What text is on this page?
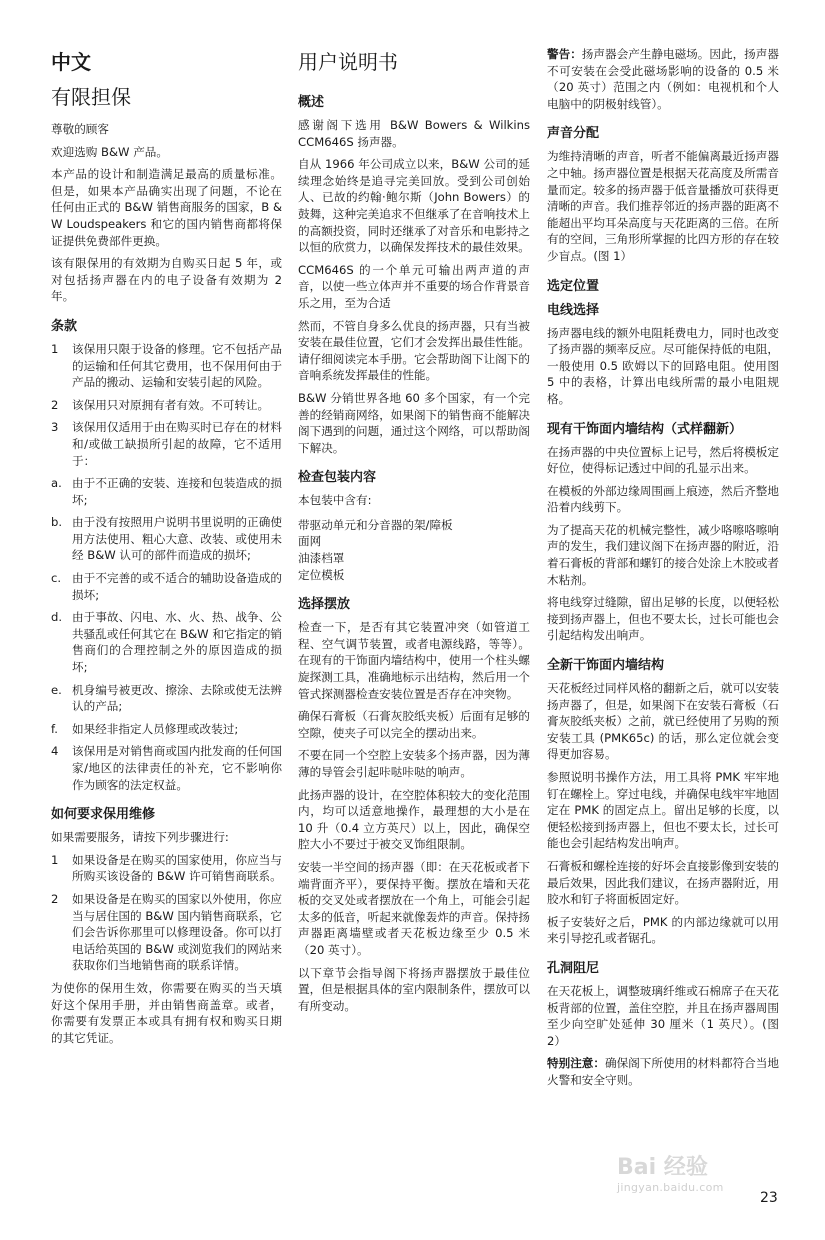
中文
有限担保

尊敬的顾客

欢迎选购 B&W 产品。

本产品的设计和制造满足最高的质量标准。但是，如果本产品确实出现了问题，不论在任何由正式的 B&W 销售商服务的国家，B & W Loudspeakers 和它的国内销售商都将保证提供免费部件更换。

该有限保用的有效期为自购买日起 5 年，或对包括扬声器在内的电子设备有效期为 2 年。

条款
1	该保用只限于设备的修理。它不包括产品的运输和任何其它费用，也不保用何由于产品的搬动、运输和安装引起的风险。
2	该保用只对原拥有者有效。不可转让。
3	该保用仅适用于由在购买时已存在的材料和/或做工缺损所引起的故障，它不适用于：
a. 由于不正确的安装、连接和包装造成的损坏;
b. 由于没有按照用户说明书里说明的正确使用方法使用、粗心大意、改装、或使用未经 B&W 认可的部件而造成的损坏;
c. 由于不完善的或不适合的辅助设备造成的损坏;
d. 由于事故、闪电、水、火、热、战争、公共骚乱或任何其它在 B&W 和它指定的销售商们的合理控制之外的原因造成的损坏;
e. 机身编号被更改、擦涂、去除或使无法辨认的产品;
f.	如果经非指定人员修理或改装过;
4	该保用是对销售商或国内批发商的任何国家/地区的法律责任的补充，它不影响你作为顾客的法定权益。
如何要求保用维修

如果需要服务，请按下列步骤进行:

1	如果设备是在购买的国家使用，你应当与所购买该设备的 B&W 许可销售商联系。
2	如果设备是在购买的国家以外使用，你应当与居住国的 B&W 国内销售商联系，它们会告诉你那里可以修理设备。你可以打电话给英国的 B&W 或浏览我们的网站来获取你们当地销售商的联系详情。

为使你的保用生效，你需要在购买的当天填好这个保用手册，并由销售商盖章。或者，你需要有发票正本或具有拥有权和购买日期的其它凭证。

用户说明书
概述

感谢阁下选用 B&W Bowers & Wilkins CCM646S 扬声器。

自从 1966 年公司成立以来，B&W 公司的延续理念始终是追寻完美回放。受到公司创始人、已故的约翰·鲍尔斯（John Bowers）的鼓舞，这种完美追求不但继承了在音响技术上的高额投资，同时还继承了对音乐和电影持之以恒的欣赏力，以确保发挥技术的最佳效果。

CCM646S 的一个单元可输出两声道的声音，以使一些立体声并不重要的场合作背景音乐之用，至为合适

然而，不管自身多么优良的扬声器，只有当被安装在最佳位置，它们才会发挥出最佳性能。请仔细阅读完本手册。它会帮助阁下让阁下的音响系统发挥最佳的性能。

B&W 分销世界各地 60 多个国家，有一个完善的经销商网络，如果阁下的销售商不能解决阁下遇到的问题，通过这个网络，可以帮助阁下解决。

检查包装内容

本包装中含有:

带驱动单元和分音器的架/障板
面网
油漆档罩
定位模板
选择摆放

检查一下，是否有其它装置冲突（如管道工程、空气调节装置，或者电源线路，等等）。在现有的干饰面内墙结构中，使用一个柱头螺旋探测工具，准确地标示出结构，然后用一个管式探测器检查安装位置是否存在冲突物。

确保石膏板（石膏灰胶纸夹板）后面有足够的空隙，使夹子可以完全的摆动出来。

不要在同一个空腔上安装多个扬声器，因为薄薄的导管会引起咔哒咔哒的响声。

此扬声器的设计，在空腔体积较大的变化范围内，均可以适意地操作，最理想的大小是在 10 升（0.4 立方英尺）以上，因此，确保空腔大小不要过于被交叉饰组限制。

安装一半空间的扬声器（即：在天花板或者下端背面齐平），要保持平衡。摆放在墙和天花板的交叉处或者摆放在一个角上，可能会引起太多的低音，听起来就像轰炸的声音。保持扬声器距离墙壁或者天花板边缘至少 0.5 米（20 英寸）。

以下章节会指导阁下将扬声器摆放于最佳位置，但是根据具体的室内限制条件，摆放可以有所变动。

警告：扬声器会产生静电磁场。因此，扬声器不可安装在会受此磁场影响的设备的 0.5 米（20 英寸）范围之内（例如：电视机和个人电脑中的阴极射线管）。

声音分配

为维持清晰的声音，听者不能偏离最近扬声器之中轴。扬声器位置是根据天花高度及所需音量而定。较多的扬声器于低音量播放可获得更清晰的声音。我们推荐邻近的扬声器的距离不能超出平均耳朵高度与天花距离的三倍。在所有的空间，三角形所掌握的比四方形的存在较少盲点。(图 1）

选定位置
电线选择

扬声器电线的额外电阻耗费电力，同时也改变了扬声器的频率反应。尽可能保持低的电阻，一般使用 0.5 欧姆以下的回路电阻。使用图 5 中的表格，计算出电线所需的最小电阻规格。

现有干饰面内墙结构（式样翻新）

在扬声器的中央位置标上记号，然后将模板定好位，使得标记透过中间的孔显示出来。

在模板的外部边缘周围画上痕迹，然后齐整地沿着内线剪下。

为了提高天花的机械完整性，减少咯嚓咯嚓响声的发生，我们建议阁下在扬声器的附近，沿着石膏板的背部和螺钉的接合处涂上木胶或者木粘剂。

将电线穿过缝隙，留出足够的长度，以便轻松接到扬声器上，但也不要太长，过长可能也会引起结构发出响声。

全新干饰面内墙结构

天花板经过同样风格的翻新之后，就可以安装扬声器了，但是，如果阁下在安装石膏板（石膏灰胶纸夹板）之前，就已经使用了另购的预安装工具 (PMK65c) 的话，那么定位就会变得更加容易。

参照说明书操作方法，用工具将 PMK 牢牢地钉在螺栓上。穿过电线，并确保电线牢牢地固定在 PMK 的固定点上。留出足够的长度，以便轻松接到扬声器上，但也不要太长，过长可能也会引起结构发出响声。

石膏板和螺栓连接的好坏会直接影像到安装的最后效果，因此我们建议，在扬声器附近，用胶水和钉子将面板固定好。

板子安装好之后，PMK 的内部边缘就可以用来引导挖孔或者锯孔。

孔洞阻尼

在天花板上，调整玻璃纤维或石棉席子在天花板背部的位置，盖住空腔，并且在扬声器周围至少向空旷处延伸 30 厘米（1 英尺）。(图 2）

特别注意：确保阁下所使用的材料都符合当地火警和安全守则。

Bai 经验
jingyan.baidu.com
23
